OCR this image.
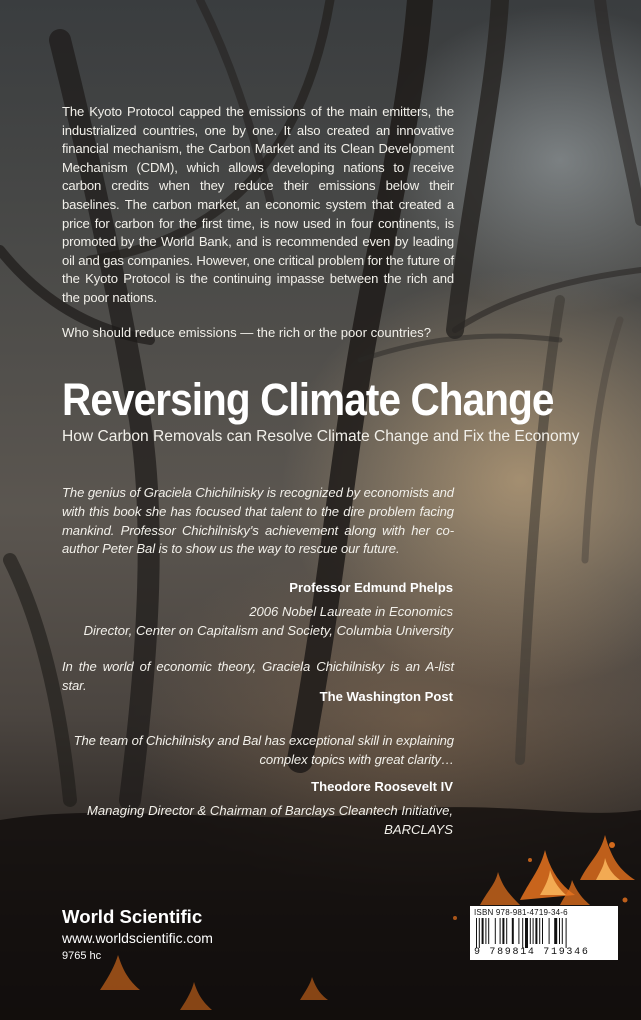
The Kyoto Protocol capped the emissions of the main emitters, the industrialized countries, one by one. It also created an innovative financial mechanism, the Carbon Market and its Clean Development Mechanism (CDM), which allows developing nations to receive carbon credits when they reduce their emissions below their baselines. The carbon market, an economic system that created a price for carbon for the first time, is now used in four continents, is promoted by the World Bank, and is recommended even by leading oil and gas companies. However, one critical problem for the future of the Kyoto Protocol is the continuing impasse between the rich and the poor nations.
Who should reduce emissions — the rich or the poor countries?
Reversing Climate Change
How Carbon Removals can Resolve Climate Change and Fix the Economy
The genius of Graciela Chichilnisky is recognized by economists and with this book she has focused that talent to the dire problem facing mankind. Professor Chichilnisky's achievement along with her co-author Peter Bal is to show us the way to rescue our future.
Professor Edmund Phelps
2006 Nobel Laureate in Economics
Director, Center on Capitalism and Society, Columbia University
In the world of economic theory, Graciela Chichilnisky is an A-list star.
The Washington Post
The team of Chichilnisky and Bal has exceptional skill in explaining
complex topics with great clarity…
Theodore Roosevelt IV
Managing Director & Chairman of Barclays Cleantech Initiative,
BARCLAYS
World Scientific
www.worldscientific.com
9765 hc
ISBN 978-981-4719-34-6
9 789814 719346
